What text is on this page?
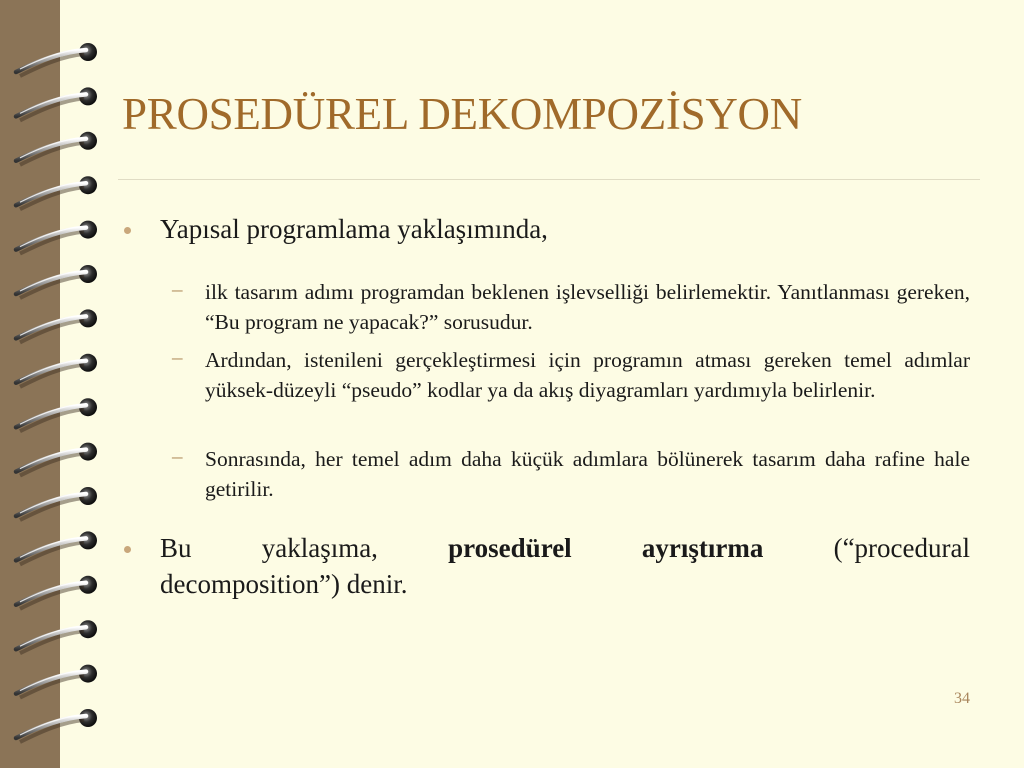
PROSEDÜREL DEKOMPOZİSYON
Yapısal programlama yaklaşımında,
– ilk tasarım adımı programdan beklenen işlevselliği belirlemektir. Yanıtlanması gereken, “Bu program ne yapacak?” sorusudur.
– Ardından, istenileni gerçekleştirmesi için programın atması gereken temel adımlar yüksek-düzeyli “pseudo” kodlar ya da akış diyagramları yardımıyla belirlenir.
– Sonrasında, her temel adım daha küçük adımlara bölünerek tasarım daha rafine hale getirilir.
Bu yaklaşıma,	prosedürel ayrıştırma	(“procedural
decomposition”) denir.
34
